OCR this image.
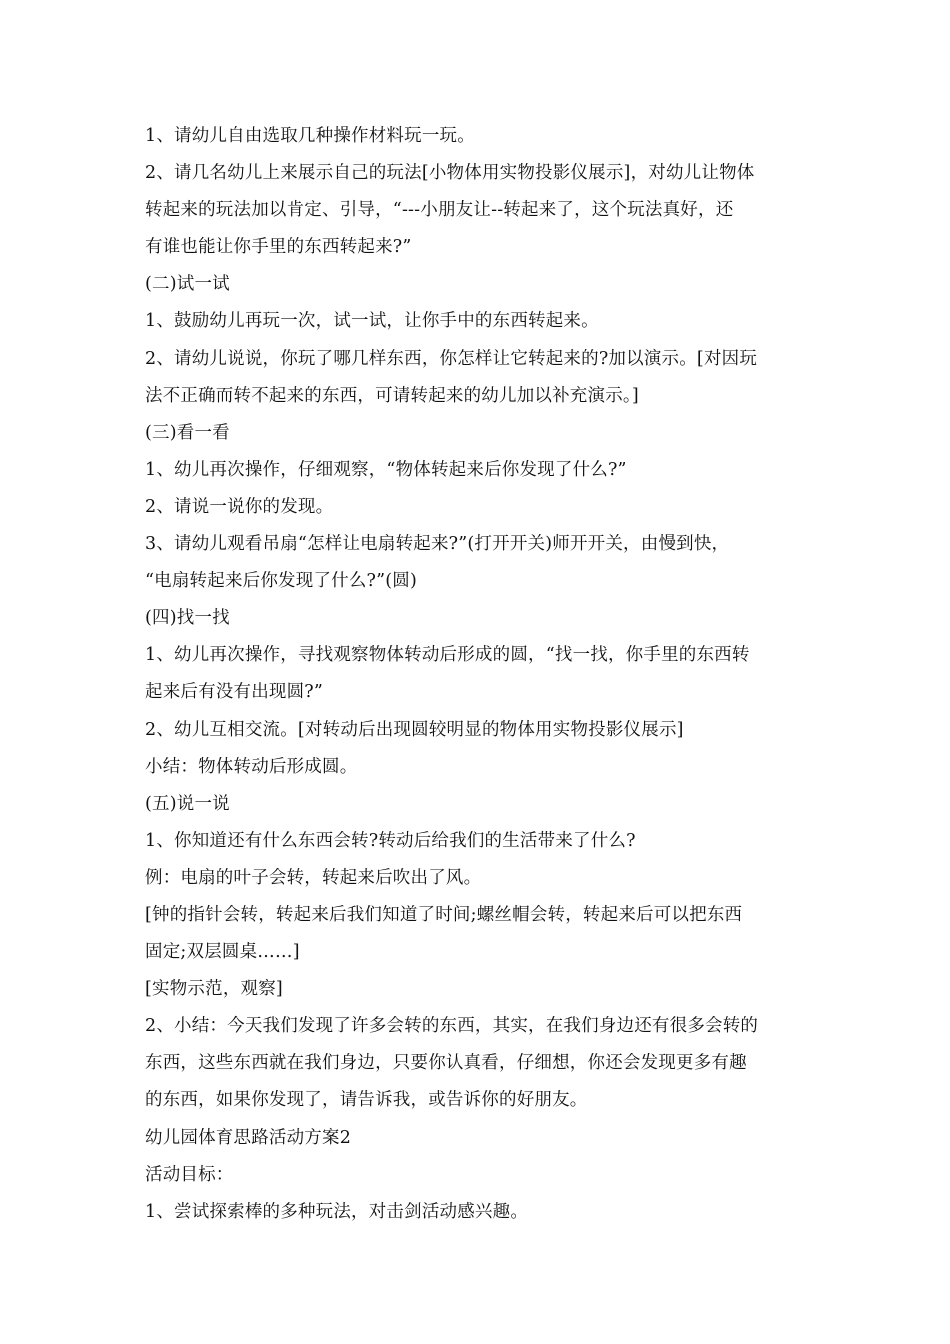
1、请幼儿自由选取几种操作材料玩一玩。
2、请几名幼儿上来展示自己的玩法[小物体用实物投影仪展示]，对幼儿让物体
转起来的玩法加以肯定、引导，“---小朋友让--转起来了，这个玩法真好，还
有谁也能让你手里的东西转起来?”
(二)试一试
1、鼓励幼儿再玩一次，试一试，让你手中的东西转起来。
2、请幼儿说说，你玩了哪几样东西，你怎样让它转起来的?加以演示。[对因玩
法不正确而转不起来的东西，可请转起来的幼儿加以补充演示。]
(三)看一看
1、幼儿再次操作，仔细观察，“物体转起来后你发现了什么?”
2、请说一说你的发现。
3、请幼儿观看吊扇“怎样让电扇转起来?”(打开开关)师开开关，由慢到快，
“电扇转起来后你发现了什么?”(圆)
(四)找一找
1、幼儿再次操作，寻找观察物体转动后形成的圆，“找一找，你手里的东西转
起来后有没有出现圆?”
2、幼儿互相交流。[对转动后出现圆较明显的物体用实物投影仪展示]
小结：物体转动后形成圆。
(五)说一说
1、你知道还有什么东西会转?转动后给我们的生活带来了什么?
例：电扇的叶子会转，转起来后吹出了风。
[钟的指针会转，转起来后我们知道了时间;螺丝帽会转，转起来后可以把东西
固定;双层圆桌……]
[实物示范，观察]
2、小结：今天我们发现了许多会转的东西，其实，在我们身边还有很多会转的
东西，这些东西就在我们身边，只要你认真看，仔细想，你还会发现更多有趣
的东西，如果你发现了，请告诉我，或告诉你的好朋友。
幼儿园体育思路活动方案2
活动目标：
1、尝试探索棒的多种玩法，对击剑活动感兴趣。
